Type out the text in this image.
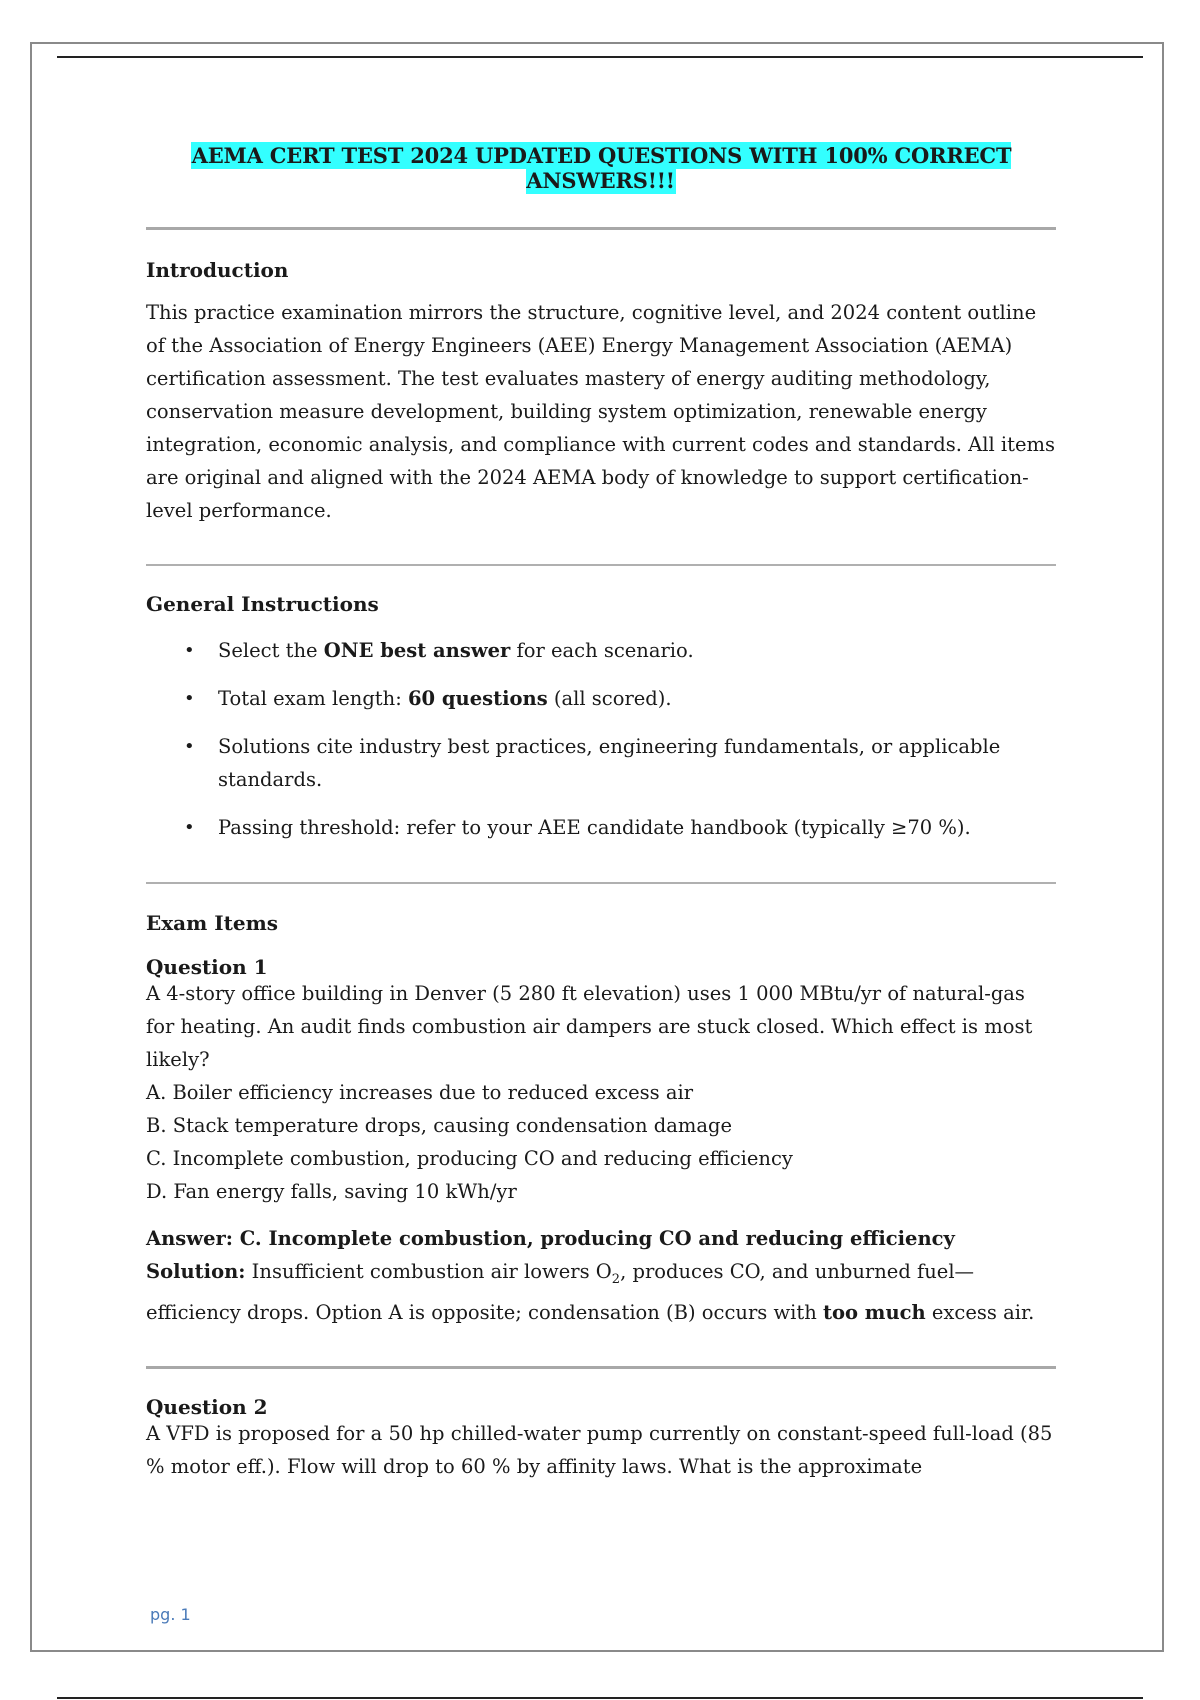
AEMA CERT TEST 2024 UPDATED QUESTIONS WITH 100% CORRECT ANSWERS!!!
Introduction

This practice examination mirrors the structure, cognitive level, and 2024 content outline of the Association of Energy Engineers (AEE) Energy Management Association (AEMA) certification assessment. The test evaluates mastery of energy auditing methodology, conservation measure development, building system optimization, renewable energy integration, economic analysis, and compliance with current codes and standards. All items are original and aligned with the 2024 AEMA body of knowledge to support certification-level performance.

General Instructions
• Select the ONE best answer for each scenario.
• Total exam length: 60 questions (all scored).
• Solutions cite industry best practices, engineering fundamentals, or applicable standards.
• Passing threshold: refer to your AEE candidate handbook (typically ≥70 %).
Exam Items
Question 1

A 4-story office building in Denver (5 280 ft elevation) uses 1 000 MBtu/yr of natural-gas for heating. An audit finds combustion air dampers are stuck closed. Which effect is most likely?

A. Boiler efficiency increases due to reduced excess air
B. Stack temperature drops, causing condensation damage
C. Incomplete combustion, producing CO and reducing efficiency
D. Fan energy falls, saving 10 kWh/yr
Answer: C. Incomplete combustion, producing CO and reducing efficiency

Solution: Insufficient combustion air lowers $O_2$, produces CO, and unburned fuel—efficiency drops. Option A is opposite; condensation (B) occurs with too much excess air.

Question 2

A VFD is proposed for a 50 hp chilled-water pump currently on constant-speed full-load (85 % motor eff.). Flow will drop to 60 % by affinity laws. What is the approximate

pg. 1
